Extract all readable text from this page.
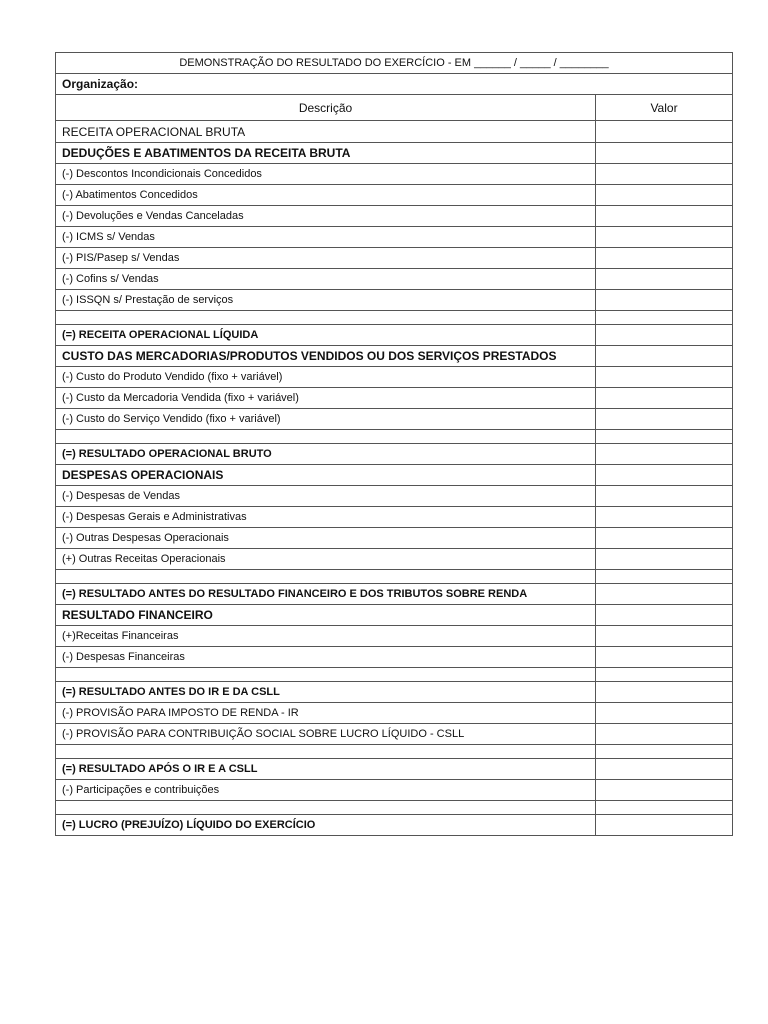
DEMONSTRAÇÃO DO RESULTADO DO EXERCÍCIO - EM ______ / _____ / ________	
Organização:	
Descrição	Valor
RECEITA OPERACIONAL BRUTA	
DEDUÇÕES E ABATIMENTOS DA RECEITA BRUTA	
(-) Descontos Incondicionais Concedidos	
(-) Abatimentos Concedidos	
(-) Devoluções e Vendas Canceladas	
(-) ICMS s/ Vendas	
(-) PIS/Pasep s/ Vendas	
(-) Cofins s/ Vendas	
(-) ISSQN s/ Prestação de serviços	

(=) RECEITA OPERACIONAL LÍQUIDA	
CUSTO DAS MERCADORIAS/PRODUTOS VENDIDOS OU DOS SERVIÇOS PRESTADOS	
(-) Custo do Produto Vendido (fixo + variável)	
(-) Custo da Mercadoria Vendida (fixo + variável)	
(-) Custo do Serviço Vendido (fixo + variável)	

(=) RESULTADO OPERACIONAL BRUTO	
DESPESAS OPERACIONAIS	
(-) Despesas de Vendas	
(-) Despesas Gerais e Administrativas	
(-) Outras Despesas Operacionais	
(+) Outras Receitas Operacionais	

(=) RESULTADO ANTES DO RESULTADO FINANCEIRO E DOS TRIBUTOS SOBRE RENDA	
RESULTADO FINANCEIRO	
(+)Receitas Financeiras	
(-) Despesas Financeiras	

(=) RESULTADO ANTES DO IR E DA CSLL	
(-) PROVISÃO PARA IMPOSTO DE RENDA - IR	
(-) PROVISÃO PARA CONTRIBUIÇÃO SOCIAL SOBRE LUCRO LÍQUIDO - CSLL	

(=) RESULTADO APÓS O IR E A CSLL	
(-) Participações e contribuições	

(=) LUCRO (PREJUÍZO) LÍQUIDO DO EXERCÍCIO	
